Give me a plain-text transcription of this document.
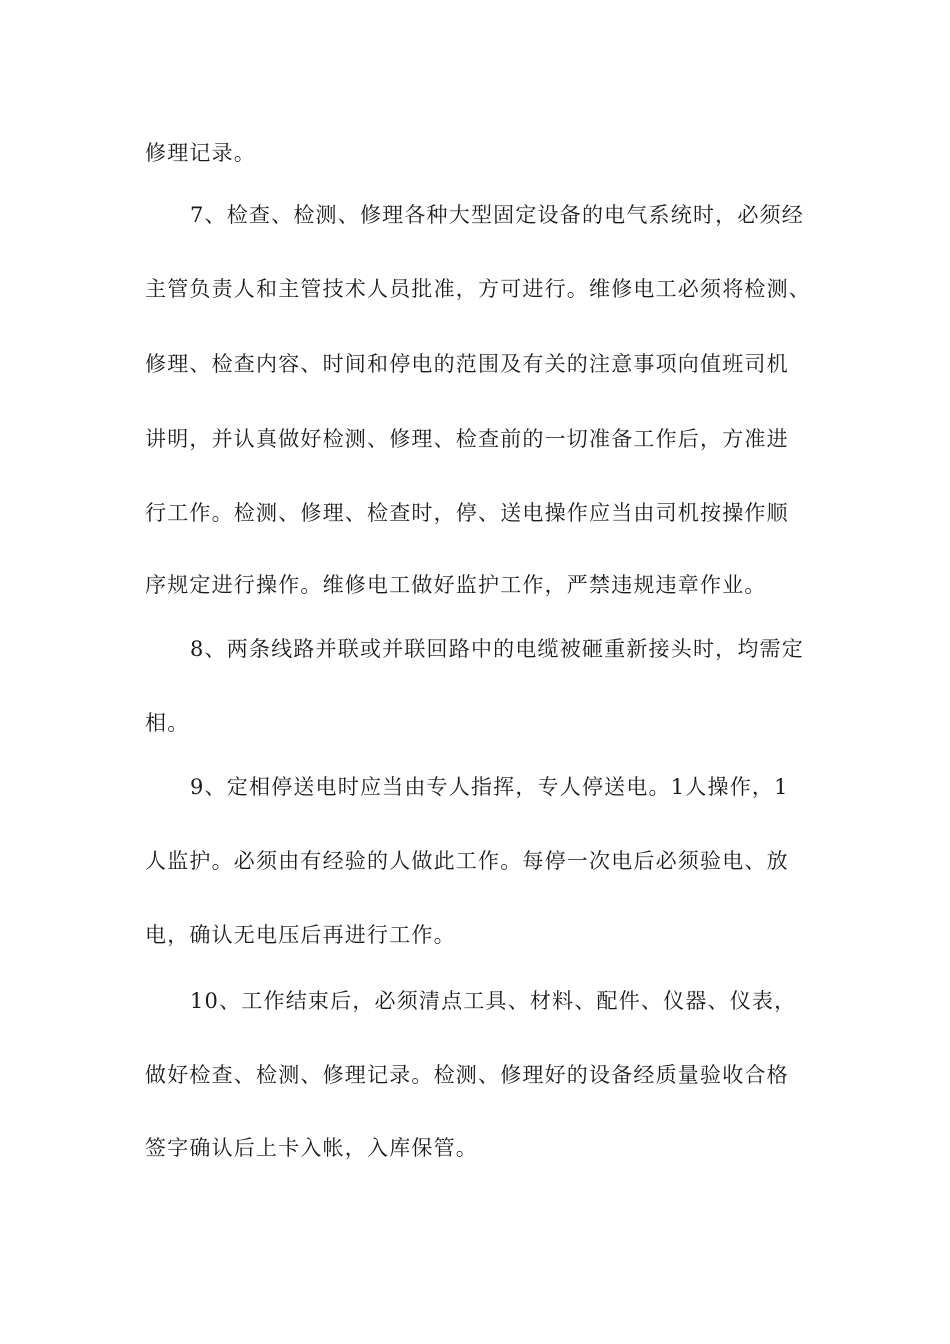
修理记录。
7、检查、检测、修理各种大型固定设备的电气系统时，必须经
主管负责人和主管技术人员批准，方可进行。维修电工必须将检测、
修理、检查内容、时间和停电的范围及有关的注意事项向值班司机
讲明，并认真做好检测、修理、检查前的一切准备工作后，方准进
行工作。检测、修理、检查时，停、送电操作应当由司机按操作顺
序规定进行操作。维修电工做好监护工作，严禁违规违章作业。
8、两条线路并联或并联回路中的电缆被砸重新接头时，均需定
相。
9、定相停送电时应当由专人指挥，专人停送电。1人操作，1
人监护。必须由有经验的人做此工作。每停一次电后必须验电、放
电，确认无电压后再进行工作。
10、工作结束后，必须清点工具、材料、配件、仪器、仪表，
做好检查、检测、修理记录。检测、修理好的设备经质量验收合格
签字确认后上卡入帐，入库保管。
